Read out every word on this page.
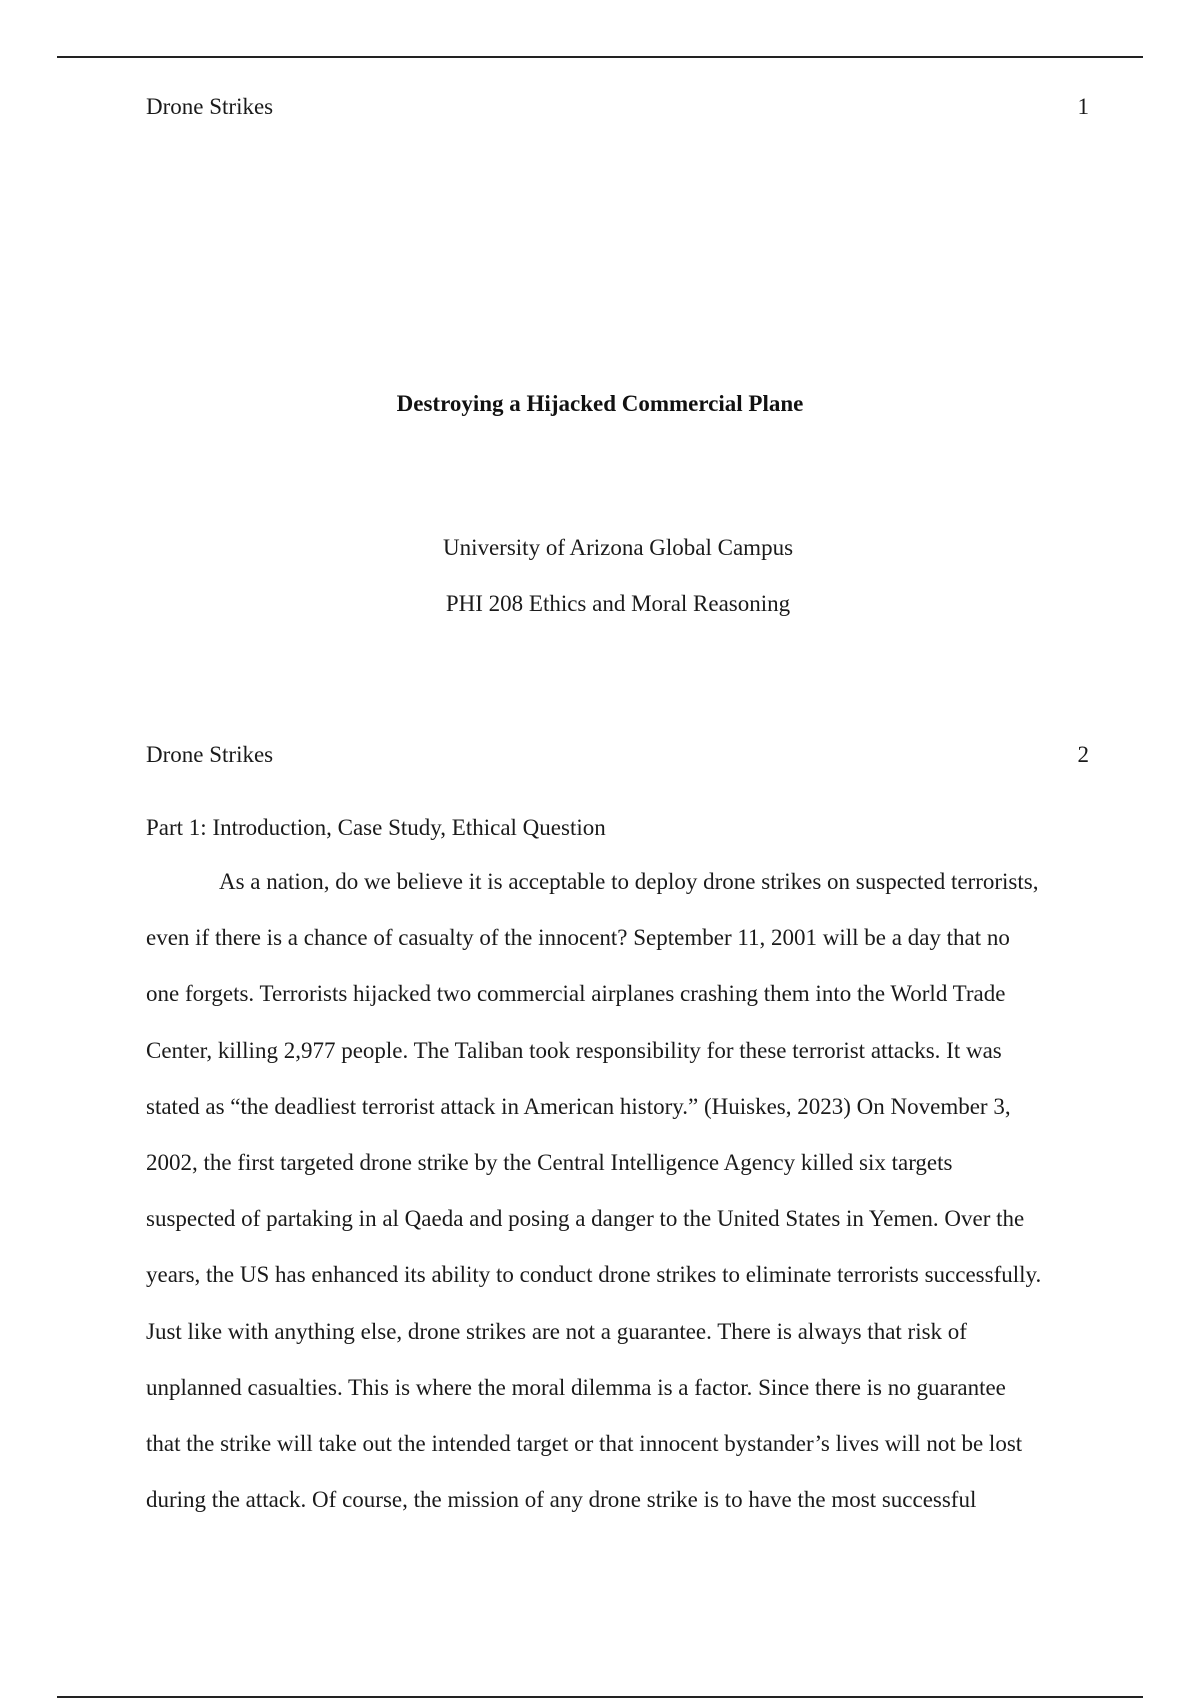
Drone Strikes	1
Destroying a Hijacked Commercial Plane
University of Arizona Global Campus
PHI 208 Ethics and Moral Reasoning
Drone Strikes	2
Part 1: Introduction, Case Study, Ethical Question
As a nation, do we believe it is acceptable to deploy drone strikes on suspected terrorists,
even if there is a chance of casualty of the innocent? September 11, 2001 will be a day that no
one forgets. Terrorists hijacked two commercial airplanes crashing them into the World Trade
Center, killing 2,977 people. The Taliban took responsibility for these terrorist attacks. It was
stated as “the deadliest terrorist attack in American history.” (Huiskes, 2023) On November 3,
2002, the first targeted drone strike by the Central Intelligence Agency killed six targets
suspected of partaking in al Qaeda and posing a danger to the United States in Yemen. Over the
years, the US has enhanced its ability to conduct drone strikes to eliminate terrorists successfully.
Just like with anything else, drone strikes are not a guarantee. There is always that risk of
unplanned casualties. This is where the moral dilemma is a factor. Since there is no guarantee
that the strike will take out the intended target or that innocent bystander’s lives will not be lost
during the attack. Of course, the mission of any drone strike is to have the most successful
